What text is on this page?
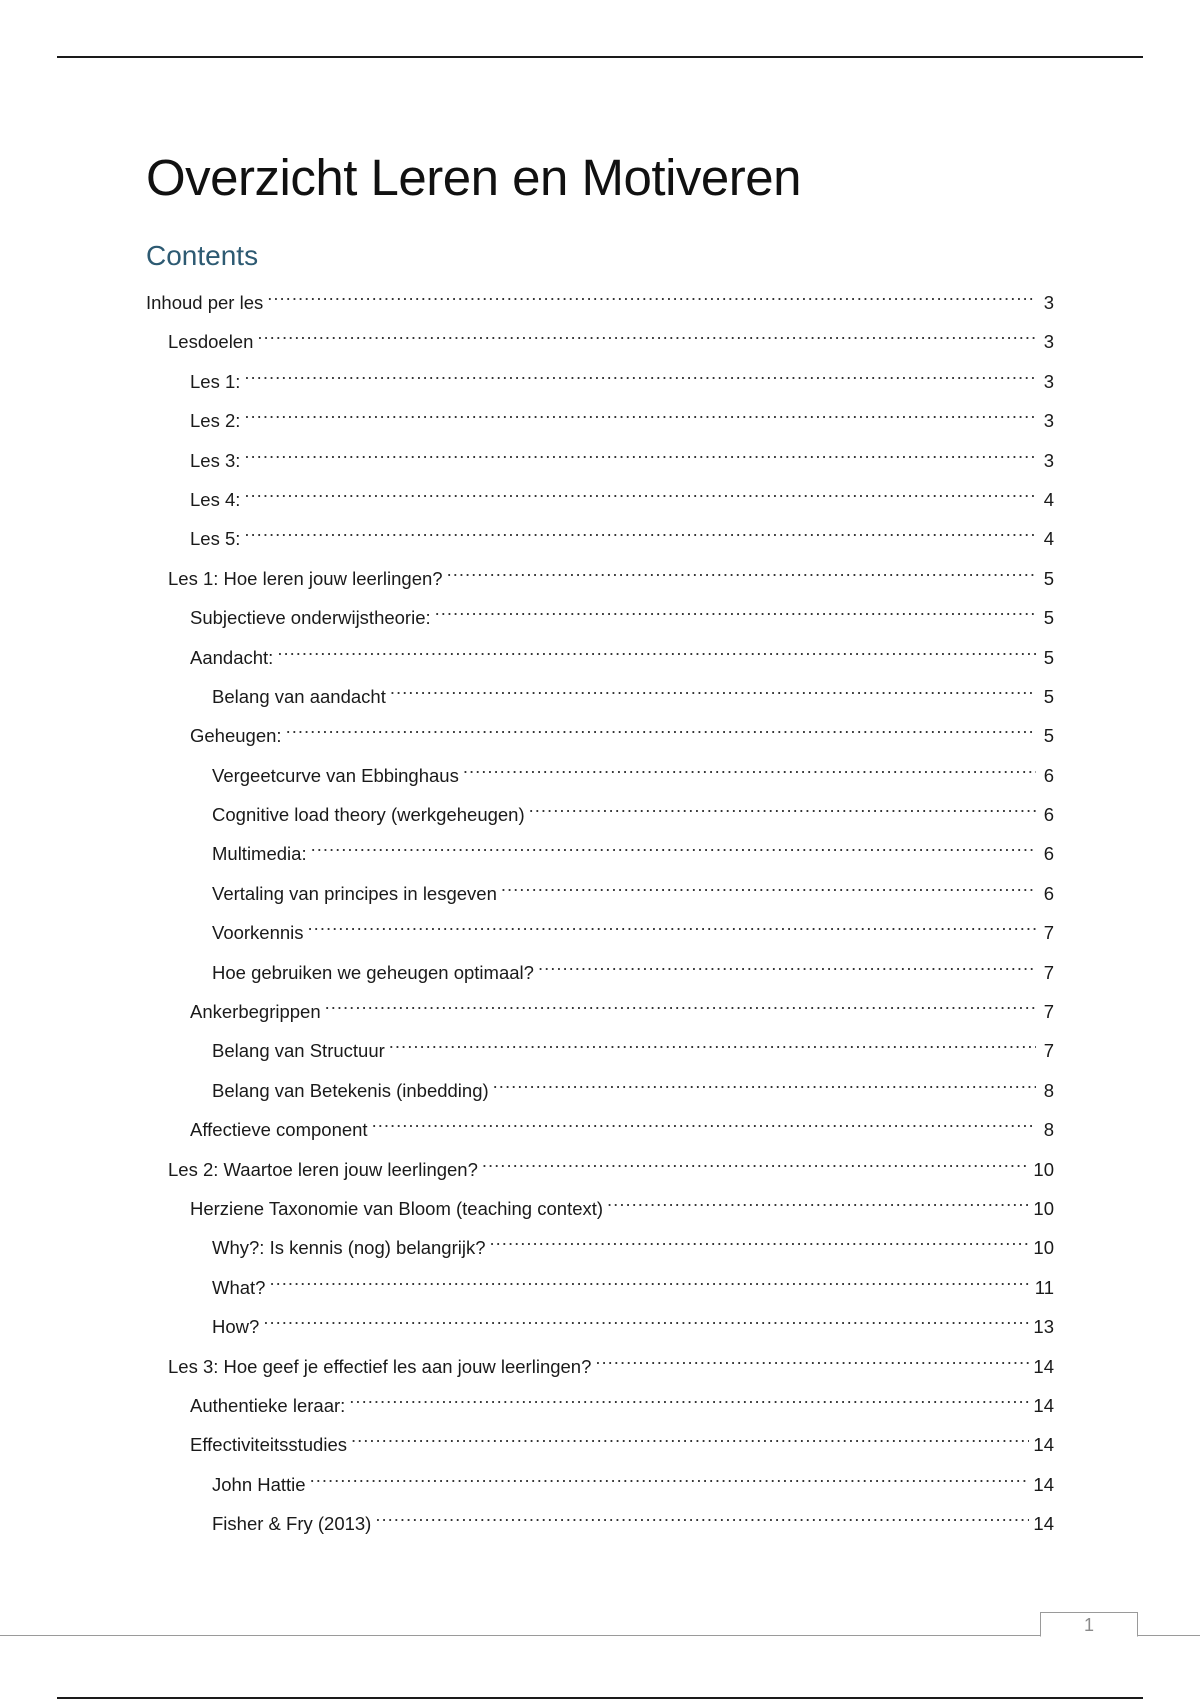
Overzicht Leren en Motiveren
Contents
Inhoud per les .....	3
Lesdoelen .....	3
Les 1: .....	3
Les 2: .....	3
Les 3: .....	3
Les 4: .....	4
Les 5: .....	4
Les 1: Hoe leren jouw leerlingen? .....	5
Subjectieve onderwijstheorie: .....	5
Aandacht: .....	5
Belang van aandacht .....	5
Geheugen: .....	5
Vergeetcurve van Ebbinghaus .....	6
Cognitive load theory (werkgeheugen) .....	6
Multimedia: .....	6
Vertaling van principes in lesgeven .....	6
Voorkennis .....	7
Hoe gebruiken we geheugen optimaal? .....	7
Ankerbegrippen .....	7
Belang van Structuur .....	7
Belang van Betekenis (inbedding) .....	8
Affectieve component .....	8
Les 2: Waartoe leren jouw leerlingen? .....	10
Herziene Taxonomie van Bloom (teaching context) .....	10
Why?: Is kennis (nog) belangrijk? .....	10
What? .....	11
How? .....	13
Les 3: Hoe geef je effectief les aan jouw leerlingen? .....	14
Authentieke leraar: .....	14
Effectiviteitsstudies .....	14
John Hattie .....	14
Fisher & Fry (2013) .....	14
1
